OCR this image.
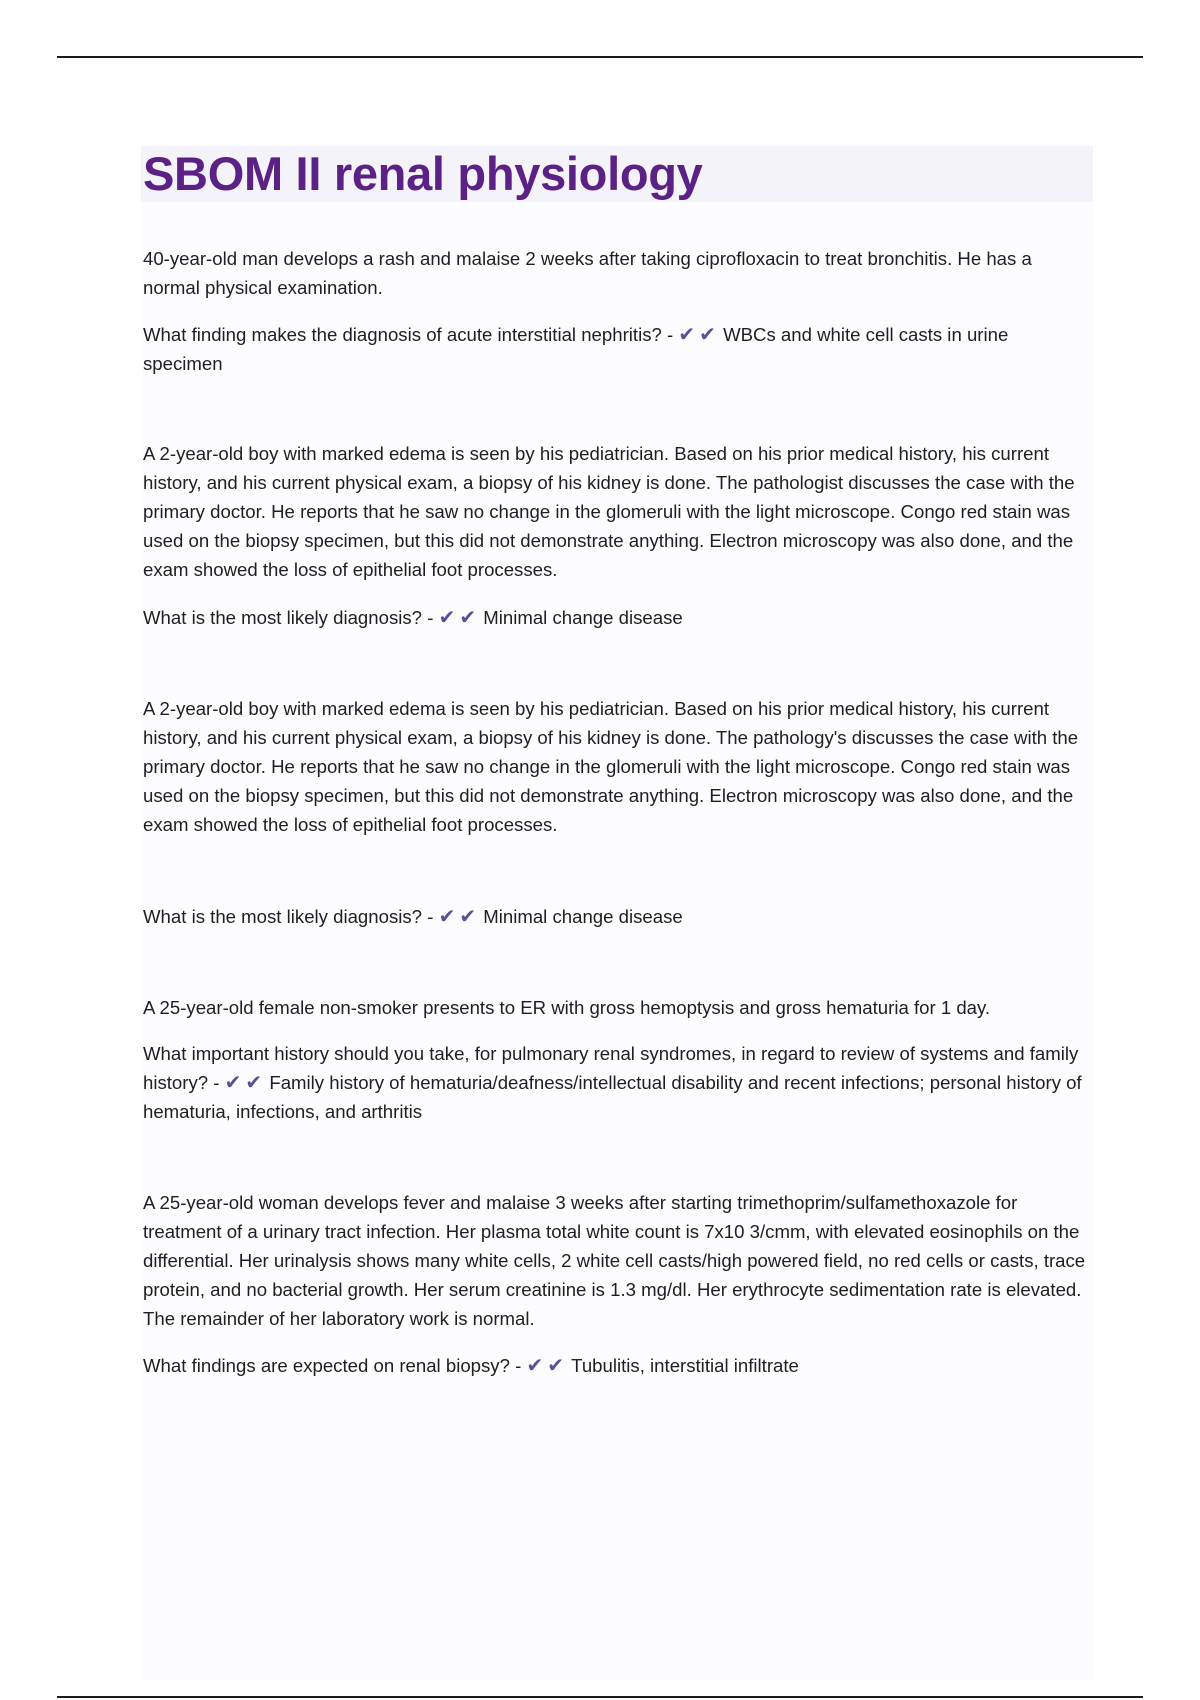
SBOM II renal physiology

40-year-old man develops a rash and malaise 2 weeks after taking ciprofloxacin to treat bronchitis. He has a normal physical examination.

What finding makes the diagnosis of acute interstitial nephritis? - ✔ ✔ WBCs and white cell casts in urine specimen

A 2-year-old boy with marked edema is seen by his pediatrician. Based on his prior medical history, his current history, and his current physical exam, a biopsy of his kidney is done. The pathologist discusses the case with the primary doctor. He reports that he saw no change in the glomeruli with the light microscope. Congo red stain was used on the biopsy specimen, but this did not demonstrate anything. Electron microscopy was also done, and the exam showed the loss of epithelial foot processes.

What is the most likely diagnosis? - ✔ ✔ Minimal change disease

A 2-year-old boy with marked edema is seen by his pediatrician. Based on his prior medical history, his current history, and his current physical exam, a biopsy of his kidney is done. The pathology's discusses the case with the primary doctor. He reports that he saw no change in the glomeruli with the light microscope. Congo red stain was used on the biopsy specimen, but this did not demonstrate anything. Electron microscopy was also done, and the exam showed the loss of epithelial foot processes.

What is the most likely diagnosis? - ✔ ✔ Minimal change disease

A 25-year-old female non-smoker presents to ER with gross hemoptysis and gross hematuria for 1 day.

What important history should you take, for pulmonary renal syndromes, in regard to review of systems and family history? - ✔ ✔ Family history of hematuria/deafness/intellectual disability and recent infections; personal history of hematuria, infections, and arthritis

A 25-year-old woman develops fever and malaise 3 weeks after starting trimethoprim/sulfamethoxazole for treatment of a urinary tract infection. Her plasma total white count is 7x10 3/cmm, with elevated eosinophils on the differential. Her urinalysis shows many white cells, 2 white cell casts/high powered field, no red cells or casts, trace protein, and no bacterial growth. Her serum creatinine is 1.3 mg/dl. Her erythrocyte sedimentation rate is elevated. The remainder of her laboratory work is normal.

What findings are expected on renal biopsy? - ✔ ✔ Tubulitis, interstitial infiltrate
